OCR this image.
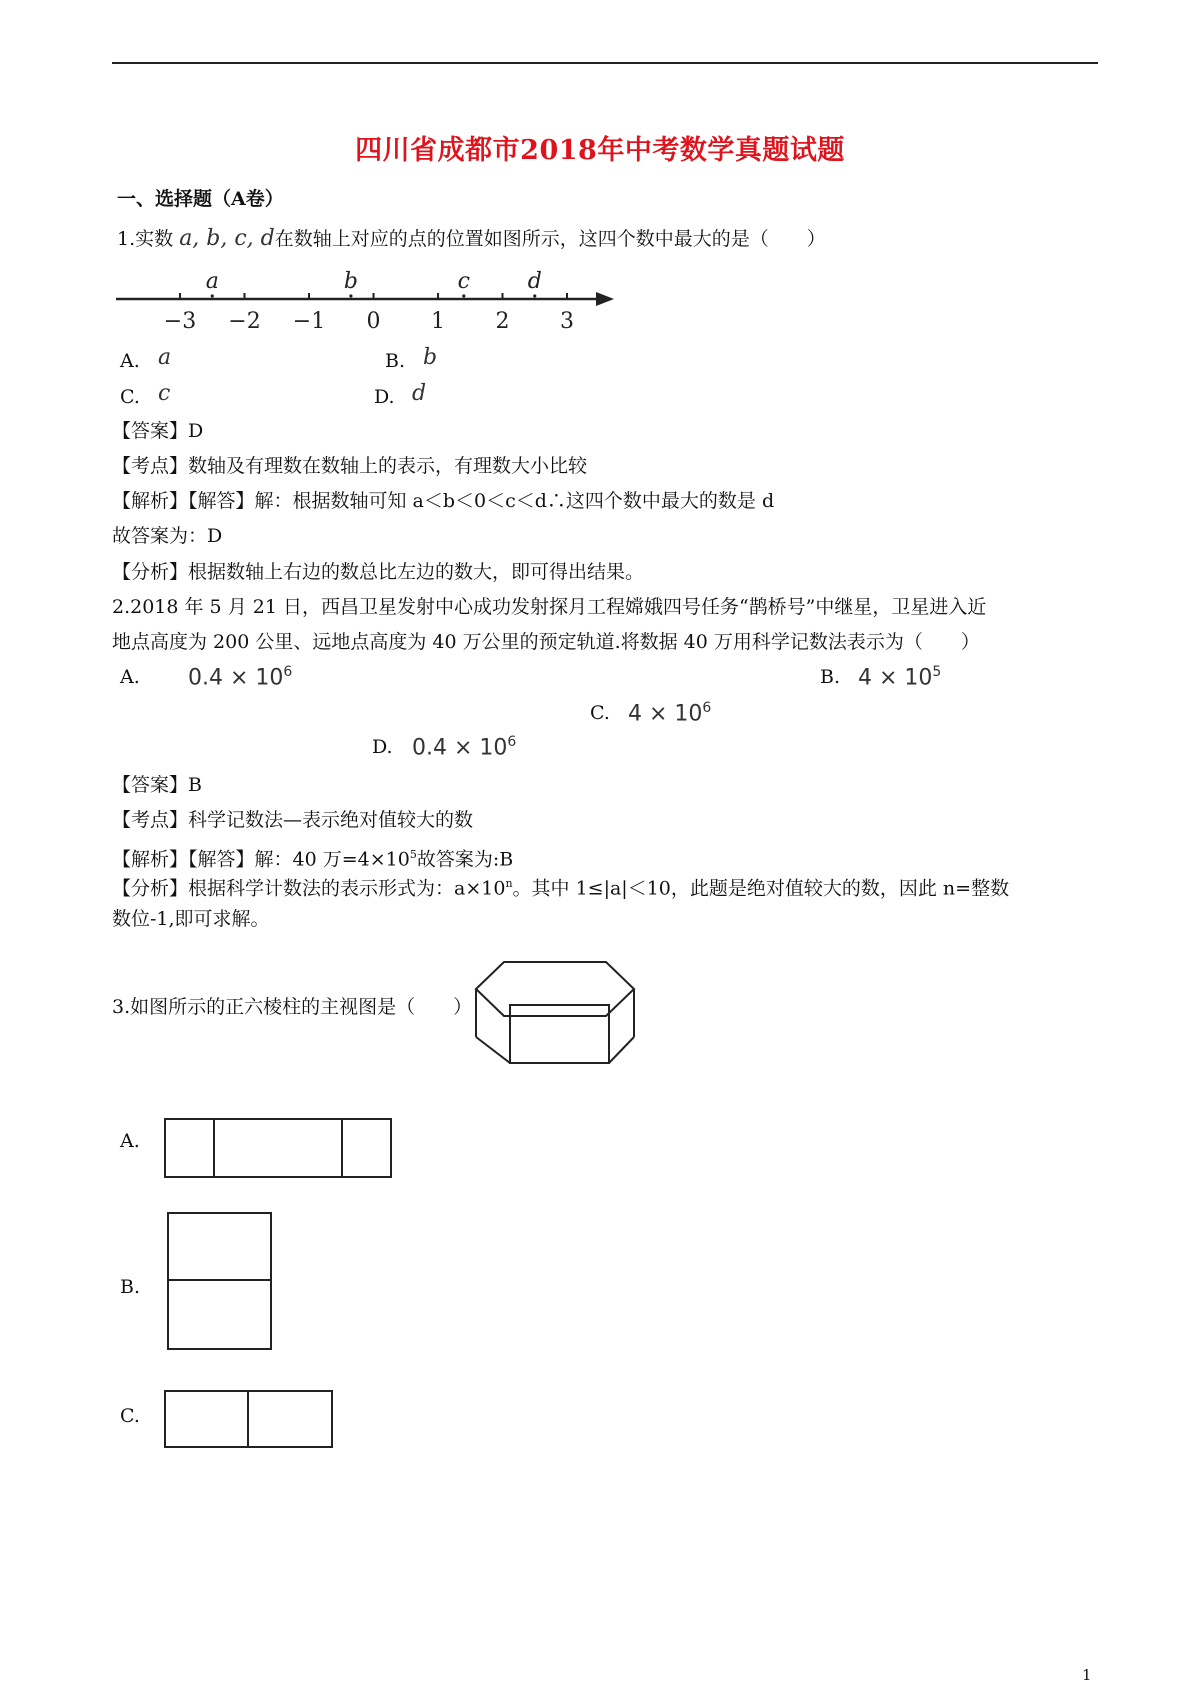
四川省成都市2018年中考数学真题试题
一、选择题（A卷）
1.实数 a, b, c, d在数轴上对应的点的位置如图所示，这四个数中最大的是（　　）
−3 −2 −1 0 1 2 3
a	b	c	d
A. a	B. b
C. c	D. d
【答案】D
【考点】数轴及有理数在数轴上的表示，有理数大小比较
【解析】【解答】解：根据数轴可知 a＜b＜0＜c＜d∴这四个数中最大的数是 d
故答案为：D
【分析】根据数轴上右边的数总比左边的数大，即可得出结果。
2.2018 年 5 月 21 日，西昌卫星发射中心成功发射探月工程嫦娥四号任务“鹊桥号”中继星，卫星进入近
地点高度为 200 公里、远地点高度为 40 万公里的预定轨道.将数据 40 万用科学记数法表示为（　　）
A. $0.4 \times 10^6$	B. $4 \times 10^5$
C. $4 \times 10^6$
D. $0.4 \times 10^6$
【答案】B
【考点】科学记数法—表示绝对值较大的数
【解析】【解答】解：40 万$=4\times 10^5$故答案为:B
【分析】根据科学计数法的表示形式为：$a\times 10^n$。其中 1≤|a|＜10，此题是绝对值较大的数，因此 n=整数
数位-1,即可求解。
3.如图所示的正六棱柱的主视图是（　　）
A.
B.
C.
1
